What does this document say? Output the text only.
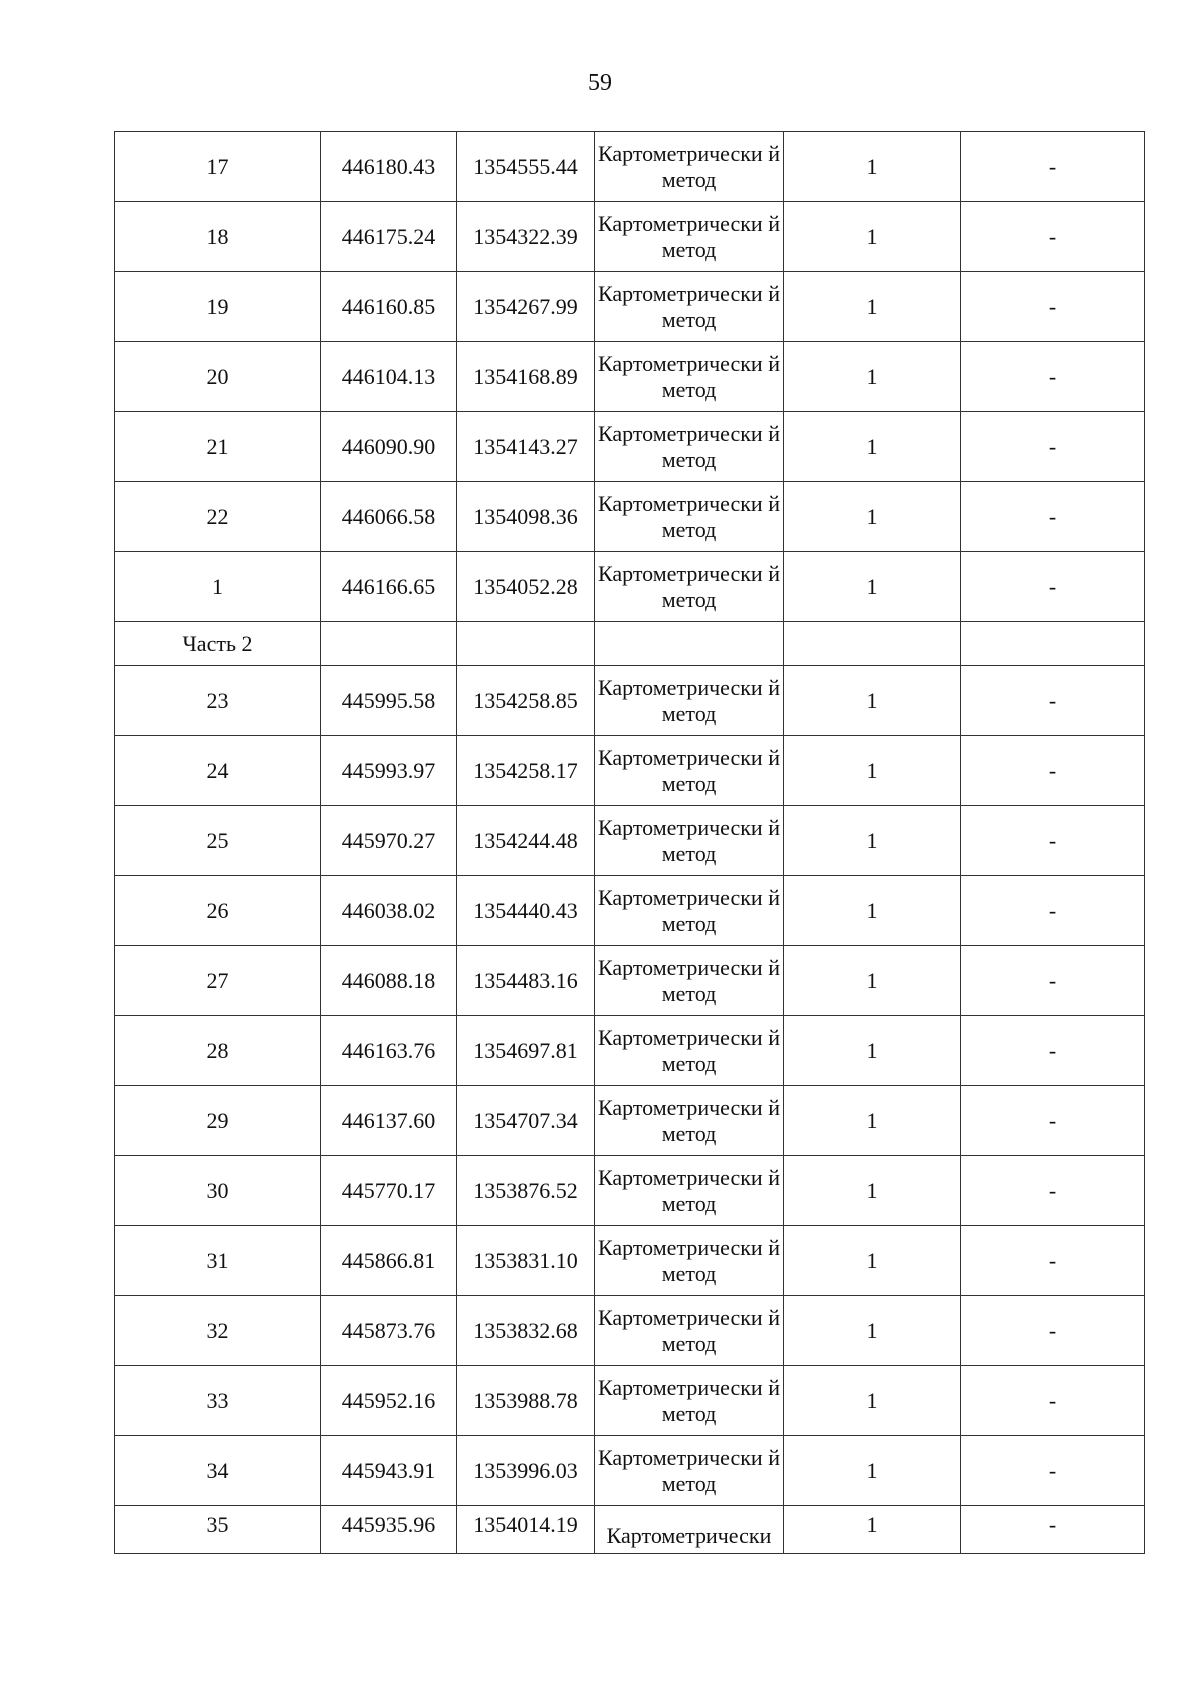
59
17	446180.43	1354555.44	Картометрически й метод	1	-
18	446175.24	1354322.39	Картометрически й метод	1	-
19	446160.85	1354267.99	Картометрически й метод	1	-
20	446104.13	1354168.89	Картометрически й метод	1	-
21	446090.90	1354143.27	Картометрически й метод	1	-
22	446066.58	1354098.36	Картометрически й метод	1	-
1	446166.65	1354052.28	Картометрически й метод	1	-
Часть 2					
23	445995.58	1354258.85	Картометрически й метод	1	-
24	445993.97	1354258.17	Картометрически й метод	1	-
25	445970.27	1354244.48	Картометрически й метод	1	-
26	446038.02	1354440.43	Картометрически й метод	1	-
27	446088.18	1354483.16	Картометрически й метод	1	-
28	446163.76	1354697.81	Картометрически й метод	1	-
29	446137.60	1354707.34	Картометрически й метод	1	-
30	445770.17	1353876.52	Картометрически й метод	1	-
31	445866.81	1353831.10	Картометрически й метод	1	-
32	445873.76	1353832.68	Картометрически й метод	1	-
33	445952.16	1353988.78	Картометрически й метод	1	-
34	445943.91	1353996.03	Картометрически й метод	1	-
35	445935.96	1354014.19	Картометрически	1	-
